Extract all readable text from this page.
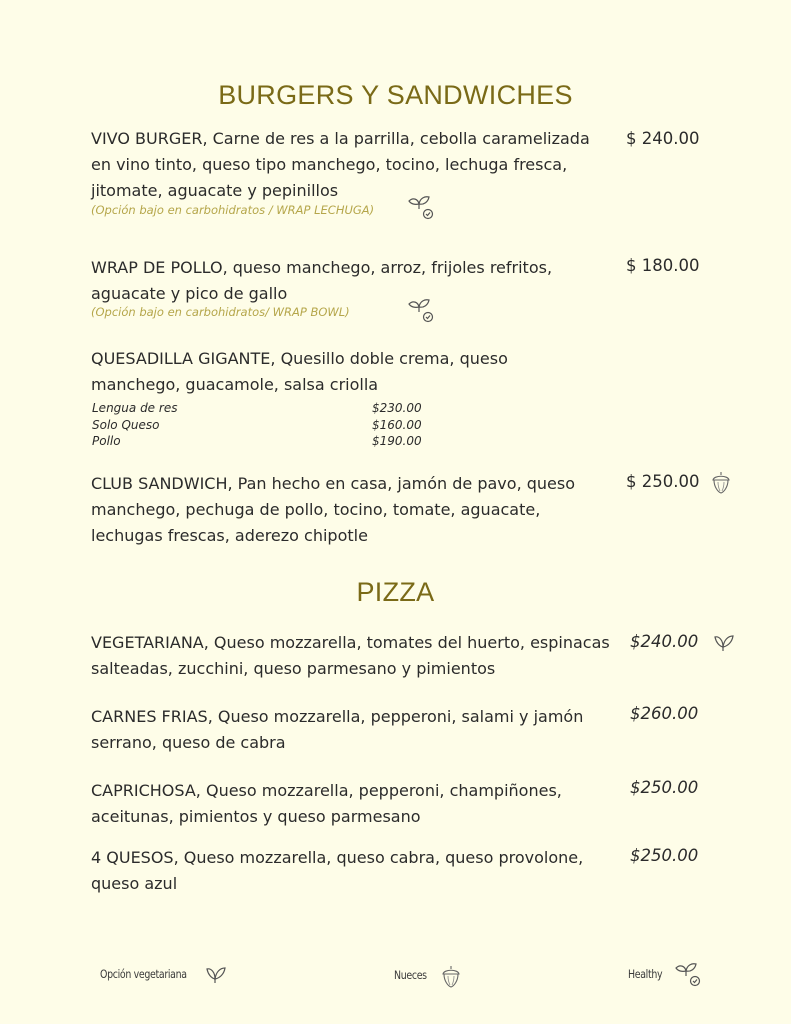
BURGERS Y SANDWICHES
VIVO BURGER, Carne de res a la parrilla, cebolla caramelizada en vino tinto, queso tipo manchego, tocino, lechuga fresca, jitomate, aguacate y pepinillos
$ 240.00
(Opción bajo en carbohidratos / WRAP LECHUGA)
WRAP DE POLLO, queso manchego, arroz, frijoles refritos, aguacate y pico de gallo
$ 180.00
(Opción bajo en carbohidratos/ WRAP BOWL)
QUESADILLA GIGANTE, Quesillo doble crema, queso manchego, guacamole, salsa criolla
Lengua de res	$230.00
Solo Queso	$160.00
Pollo	$190.00
CLUB SANDWICH, Pan hecho en casa, jamón de pavo, queso manchego, pechuga de pollo, tocino, tomate, aguacate, lechugas frescas, aderezo chipotle
$ 250.00
PIZZA
VEGETARIANA, Queso mozzarella, tomates del huerto, espinacas salteadas, zucchini, queso parmesano y pimientos
$240.00
CARNES FRIAS, Queso mozzarella, pepperoni, salami y jamón serrano, queso de cabra
$260.00
CAPRICHOSA, Queso mozzarella, pepperoni, champiñones, aceitunas, pimientos y queso parmesano
$250.00
4 QUESOS, Queso mozzarella, queso cabra, queso provolone, queso azul
$250.00
Opción vegetariana	Nueces	Healthy
